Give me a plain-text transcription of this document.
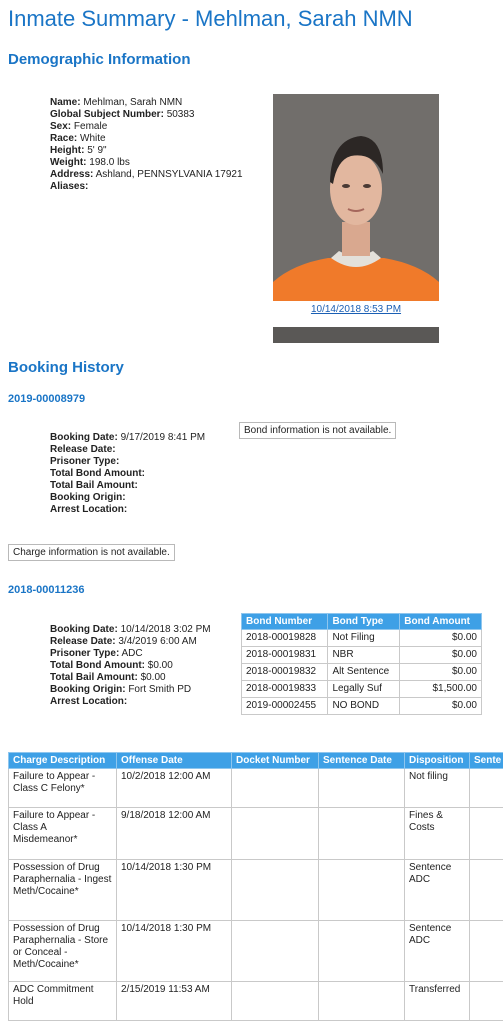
Inmate Summary - Mehlman, Sarah NMN
Demographic Information
Name: Mehlman, Sarah NMN
Global Subject Number: 50383
Sex: Female
Race: White
Height: 5' 9"
Weight: 198.0 lbs
Address: Ashland, PENNSYLVANIA 17921
Aliases:
10/14/2018 8:53 PM
Booking History
2019-00008979
Booking Date: 9/17/2019 8:41 PM
Release Date:
Prisoner Type:
Total Bond Amount:
Total Bail Amount:
Booking Origin:
Arrest Location:
Bond information is not available.
Charge information is not available.
2018-00011236
Booking Date: 10/14/2018 3:02 PM
Release Date: 3/4/2019 6:00 AM
Prisoner Type: ADC
Total Bond Amount: $0.00
Total Bail Amount: $0.00
Booking Origin: Fort Smith PD
Arrest Location:
Bond Number	Bond Type	Bond Amount
2018-00019828	Not Filing	$0.00
2018-00019831	NBR	$0.00
2018-00019832	Alt Sentence	$0.00
2018-00019833	Legally Suf	$1,500.00
2019-00002455	NO BOND	$0.00
Charge Description	Offense Date	Docket Number	Sentence Date	Disposition	Sente
Failure to Appear - Class C Felony*	10/2/2018 12:00 AM			Not filing	
Failure to Appear - Class A Misdemeanor*	9/18/2018 12:00 AM			Fines & Costs	
Possession of Drug Paraphernalia - Ingest Meth/Cocaine*	10/14/2018 1:30 PM			Sentence ADC	
Possession of Drug Paraphernalia - Store or Conceal - Meth/Cocaine*	10/14/2018 1:30 PM			Sentence ADC	
ADC Commitment Hold	2/15/2019 11:53 AM			Transferred	
